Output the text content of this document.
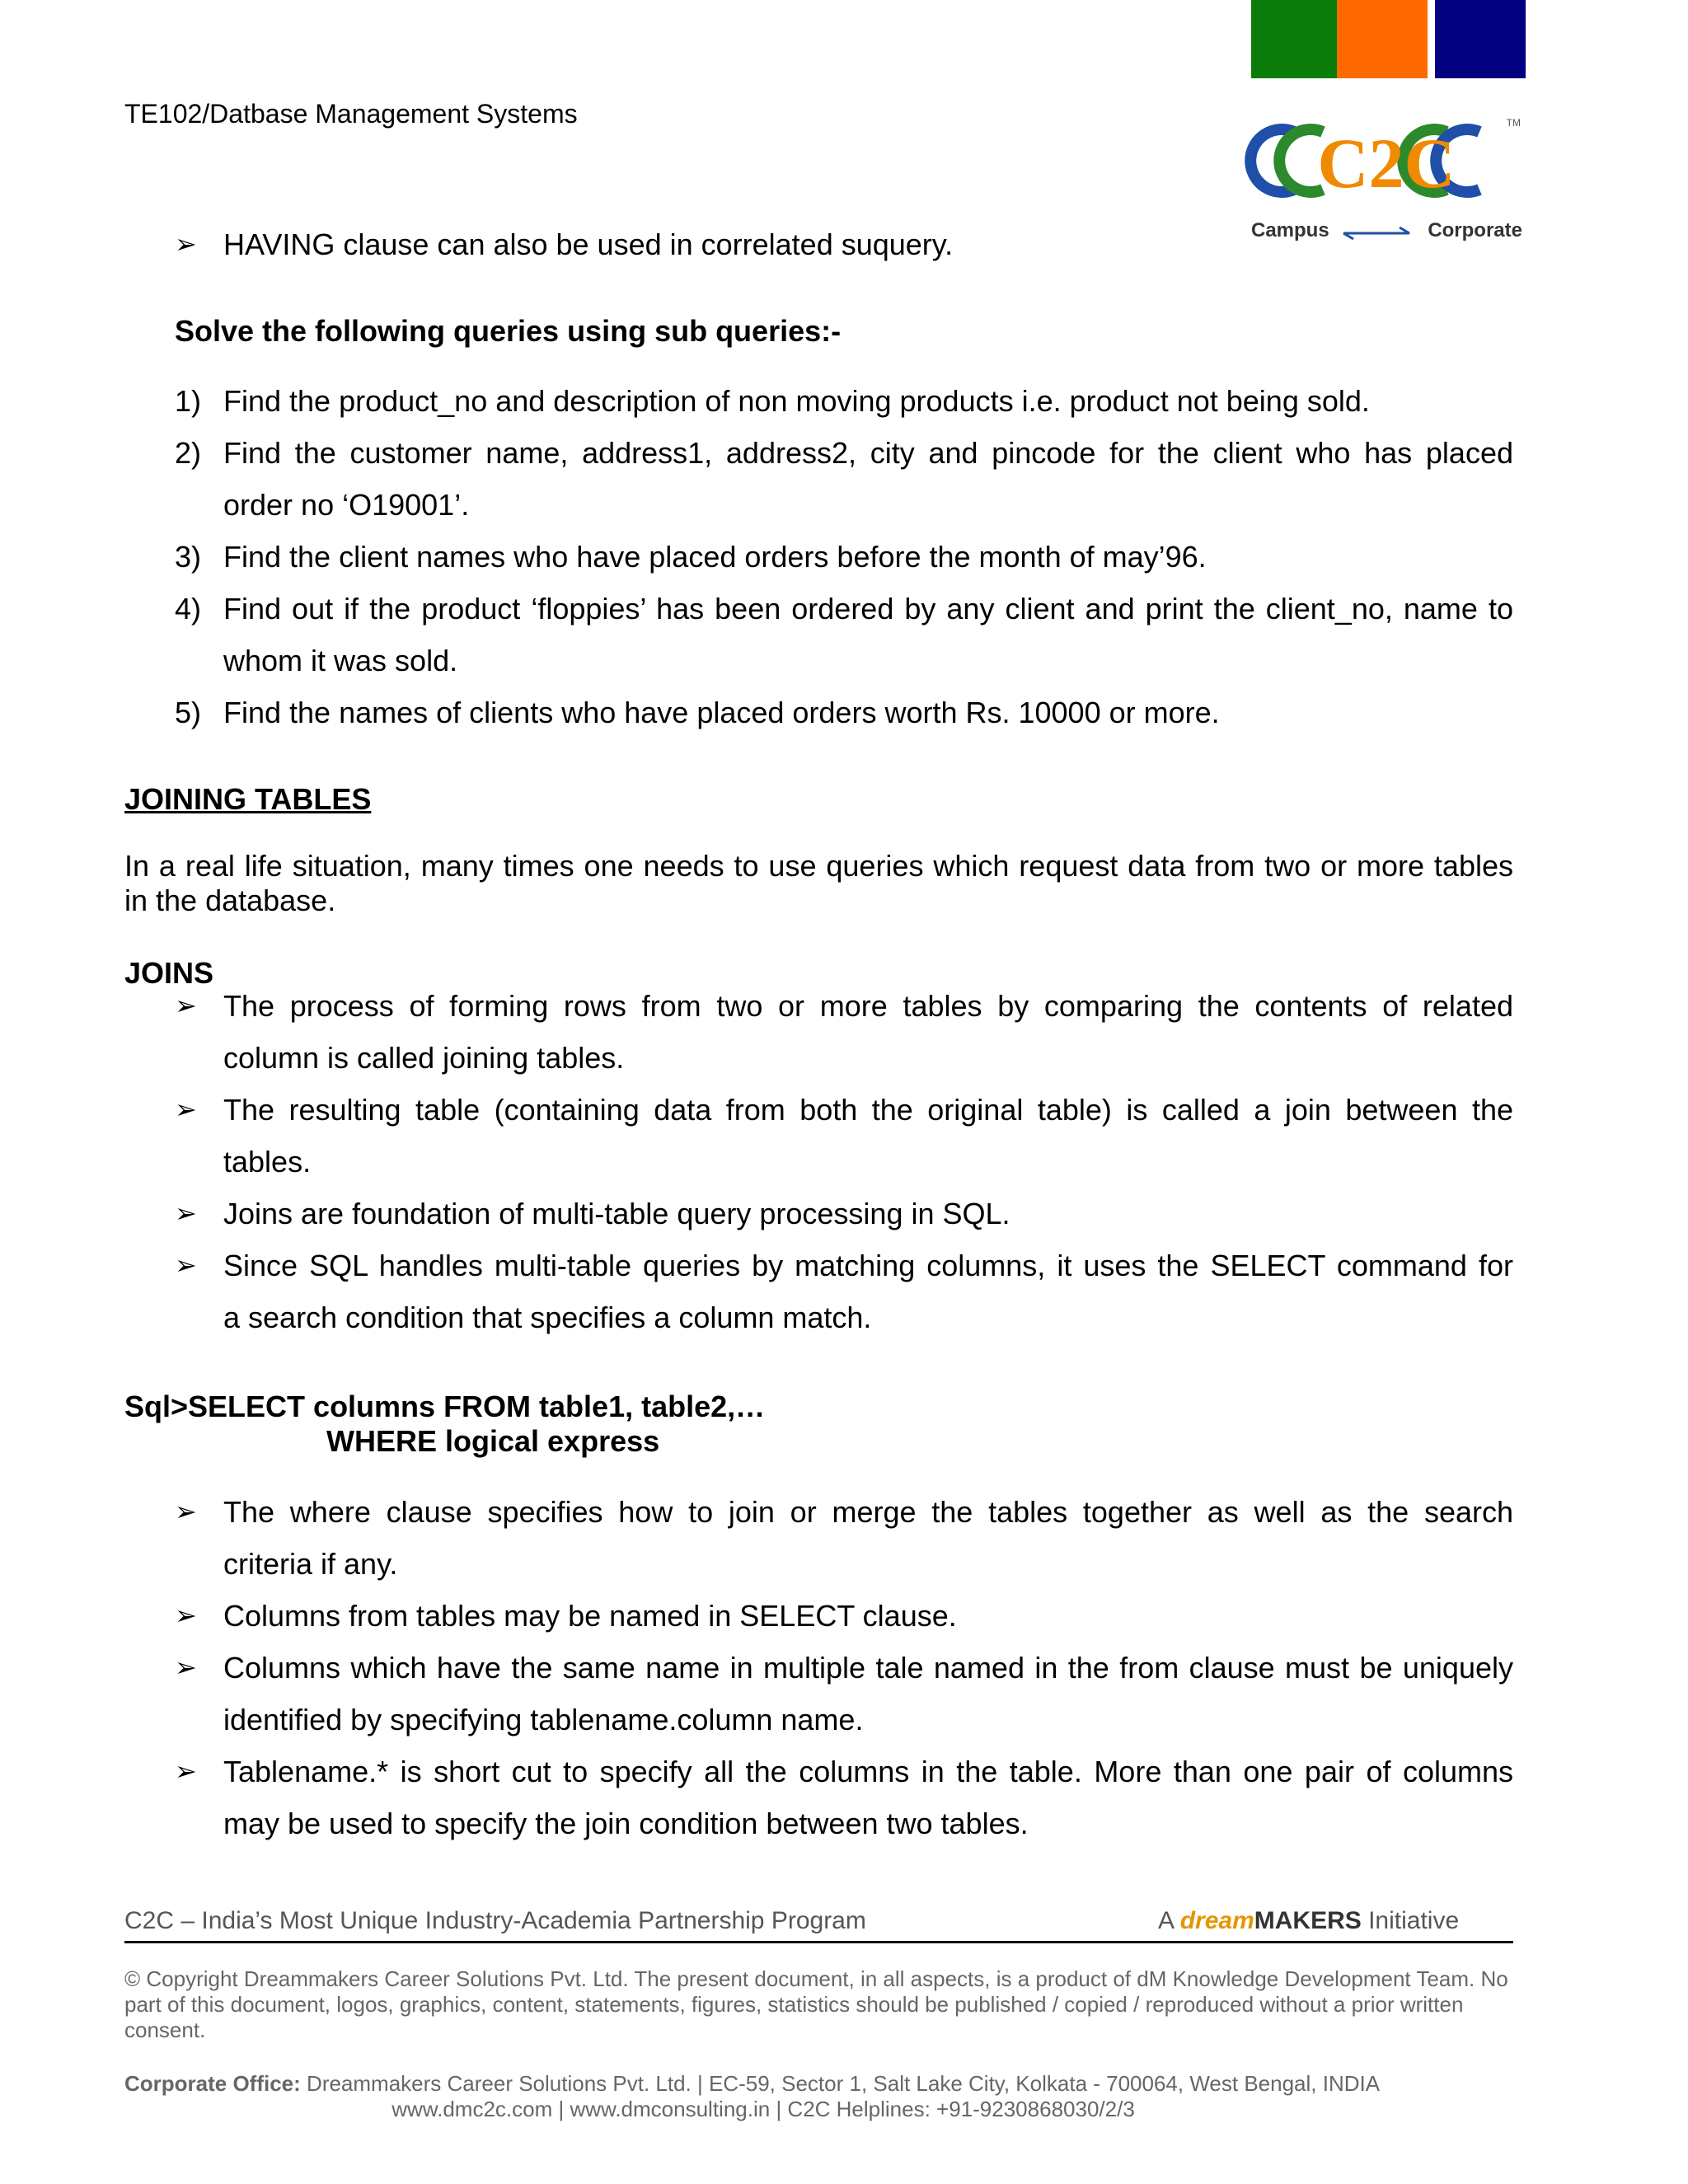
TE102/Datbase Management Systems
C2C
TM
Campus	Corporate
➢ HAVING clause can also be used in correlated suquery.
Solve the following queries using sub queries:-
1) Find the product_no and description of non moving products i.e. product not being sold.
2) Find the customer name, address1, address2, city and pincode for the client who has placed
order no ‘O19001’.
3) Find the client names who have placed orders before the month of may’96.
4) Find out if the product ‘floppies’ has been ordered by any client and print the client_no, name to
whom it was sold.
5) Find the names of clients who have placed orders worth Rs. 10000 or more.
JOINING TABLES
In a real life situation, many times one needs to use queries which request data from two or more tables
in the database.
JOINS
➢ The process of forming rows from two or more tables by comparing the contents of related
column is called joining tables.
➢ The resulting table (containing data from both the original table) is called a join between the
tables.
➢ Joins are foundation of multi-table query processing in SQL.
➢ Since SQL handles multi-table queries by matching columns, it uses the SELECT command for
a search condition that specifies a column match.
Sql>SELECT columns FROM table1, table2,…
WHERE logical express
➢ The where clause specifies how to join or merge the tables together as well as the search
criteria if any.
➢ Columns from tables may be named in SELECT clause.
➢ Columns which have the same name in multiple tale named in the from clause must be uniquely
identified by specifying tablename.column name.
➢ Tablename.* is short cut to specify all the columns in the table. More than one pair of columns
may be used to specify the join condition between two tables.
C2C – India’s Most Unique Industry-Academia Partnership Program	A dreamMAKERS Initiative
© Copyright Dreammakers Career Solutions Pvt. Ltd. The present document, in all aspects, is a product of dM Knowledge Development Team. No part of this document, logos, graphics, content, statements, figures, statistics should be published / copied / reproduced without a prior written consent.
Corporate Office: Dreammakers Career Solutions Pvt. Ltd. | EC-59, Sector 1, Salt Lake City, Kolkata - 700064, West Bengal, INDIA
www.dmc2c.com | www.dmconsulting.in | C2C Helplines: +91-9230868030/2/3
